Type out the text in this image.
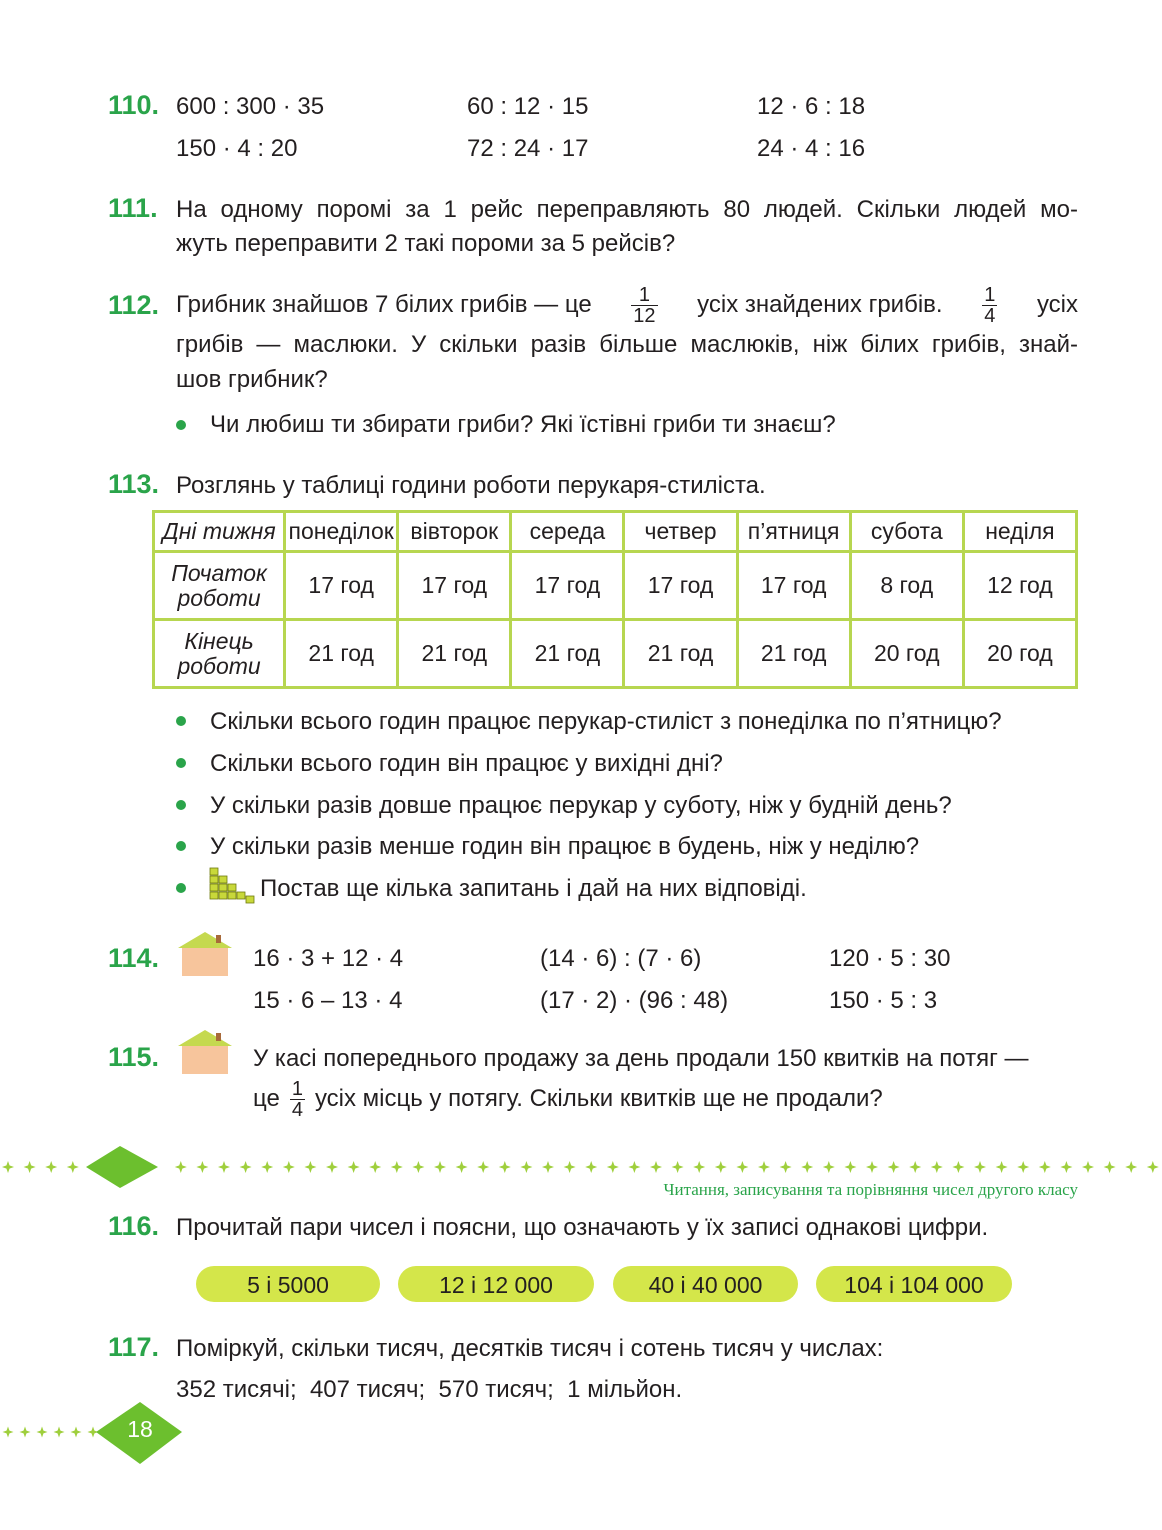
110. 600 : 300 · 35	60 : 12 · 15	12 · 6 : 18
150 · 4 : 20	72 : 24 · 17	24 · 4 : 16
111. На одному поромі за 1 рейс переправляють 80 людей. Скільки людей мо-
жуть переправити 2 такі пороми за 5 рейсів?
112. Грибник знайшов 7 білих грибів — це $\frac{1}{12}$ усіх знайдених грибів. $\frac{1}{4}$ усіх
грибів — маслюки. У скільки разів більше маслюків, ніж білих грибів, знай-
шов грибник?
Чи любиш ти збирати гриби? Які їстівні гриби ти знаєш?
113. Розглянь у таблиці години роботи перукаря-стиліста.
Дні тижня	понеділок	вівторок	середа	четвер	п’ятниця	субота	неділя

Початок
роботи	17 год	17 год	17 год	17 год	17 год	8 год	12 год

Кінець
роботи	21 год	21 год	21 год	21 год	21 год	20 год	20 год
Скільки всього годин працює перукар-стиліст з понеділка по п’ятницю?
Скільки всього годин він працює у вихідні дні?
У скільки разів довше працює перукар у суботу, ніж у будній день?
У скільки разів менше годин він працює в будень, ніж у неділю?
Постав ще кілька запитань і дай на них відповіді.
114.	16 · 3 + 12 · 4	(14 · 6) : (7 · 6)	120 · 5 : 30
15 · 6 – 13 · 4	(17 · 2) · (96 : 48)	150 · 5 : 3
115.	У касі попереднього продажу за день продали 150 квитків на потяг —
це $\frac{1}{4}$ усіх місць у потягу. Скільки квитків ще не продали?
Читання, записування та порівняння чисел другого класу
116. Прочитай пари чисел і поясни, що означають у їх записі однакові цифри.
5 і 5000	12 і 12 000	40 і 40 000	104 і 104 000
117. Поміркуй, скільки тисяч, десятків тисяч і сотень тисяч у числах:
352 тисячі;  407 тисяч;  570 тисяч;  1 мільйон.
18
